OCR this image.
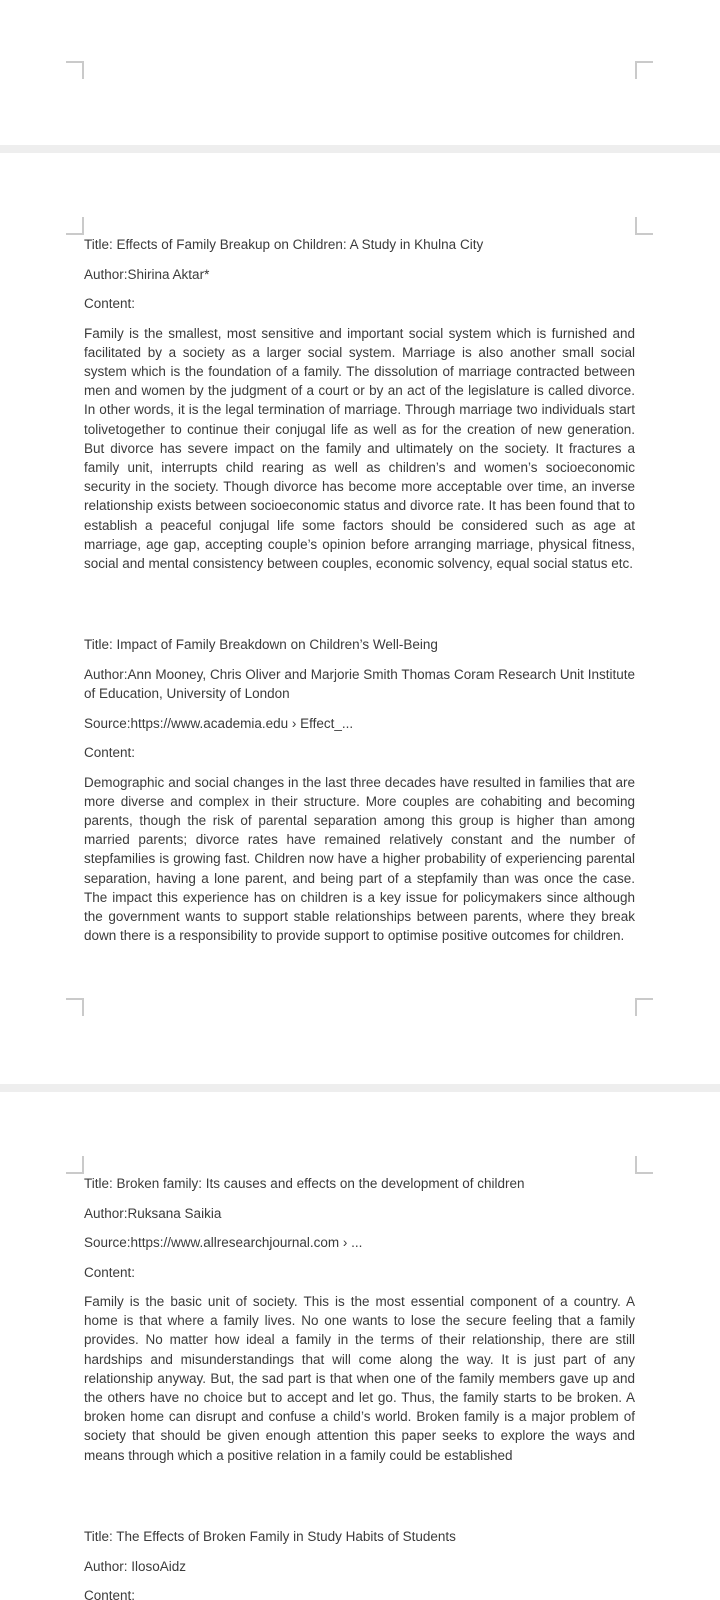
Title: Effects of Family Breakup on Children: A Study in Khulna City

Author:Shirina Aktar*

Content:

Family is the smallest, most sensitive and important social system which is furnished and facilitated by a society as a larger social system. Marriage is also another small social system which is the foundation of a family. The dissolution of marriage contracted between men and women by the judgment of a court or by an act of the legislature is called divorce. In other words, it is the legal termination of marriage. Through marriage two individuals start tolivetogether to continue their conjugal life as well as for the creation of new generation. But divorce has severe impact on the family and ultimately on the society. It fractures a family unit, interrupts child rearing as well as children’s and women’s socioeconomic security in the society. Though divorce has become more acceptable over time, an inverse relationship exists between socioeconomic status and divorce rate. It has been found that to establish a peaceful conjugal life some factors should be considered such as age at marriage, age gap, accepting couple’s opinion before arranging marriage, physical fitness, social and mental consistency between couples, economic solvency, equal social status etc.

Title: Impact of Family Breakdown on Children’s Well-Being

Author:Ann Mooney, Chris Oliver and Marjorie Smith Thomas Coram Research Unit Institute of Education, University of London

Source:https://www.academia.edu › Effect_...

Content:

Demographic and social changes in the last three decades have resulted in families that are more diverse and complex in their structure. More couples are cohabiting and becoming parents, though the risk of parental separation among this group is higher than among married parents; divorce rates have remained relatively constant and the number of stepfamilies is growing fast. Children now have a higher probability of experiencing parental separation, having a lone parent, and being part of a stepfamily than was once the case. The impact this experience has on children is a key issue for policymakers since although the government wants to support stable relationships between parents, where they break down there is a responsibility to provide support to optimise positive outcomes for children.

Title: Broken family: Its causes and effects on the development of children

Author:Ruksana Saikia

Source:https://www.allresearchjournal.com › ...

Content:

Family is the basic unit of society. This is the most essential component of a country. A home is that where a family lives. No one wants to lose the secure feeling that a family provides. No matter how ideal a family in the terms of their relationship, there are still hardships and misunderstandings that will come along the way. It is just part of any relationship anyway. But, the sad part is that when one of the family members gave up and the others have no choice but to accept and let go. Thus, the family starts to be broken. A broken home can disrupt and confuse a child’s world. Broken family is a major problem of society that should be given enough attention this paper seeks to explore the ways and means through which a positive relation in a family could be established

Title: The Effects of Broken Family in Study Habits of Students

Author: IlosoAidz

Content:
